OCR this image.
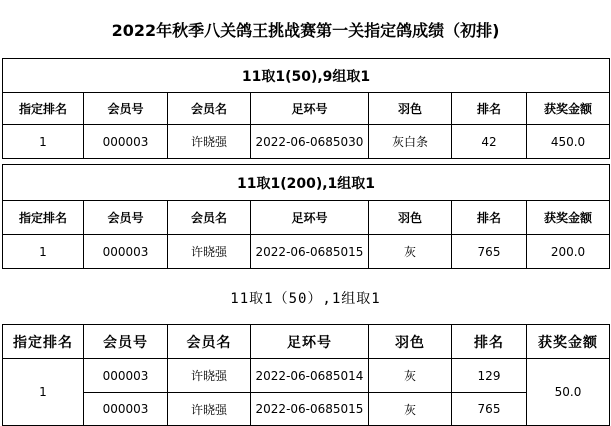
2022年秋季八关鸽王挑战赛第一关指定鸽成绩（初排)
11取1(50),9组取1						
指定排名	会员号	会员名	足环号	羽色	排名	获奖金额
1	000003	许晓强	2022-06-0685030	灰白条	42	450.0
11取1(200),1组取1						
指定排名	会员号	会员名	足环号	羽色	排名	获奖金额
1	000003	许晓强	2022-06-0685015	灰	765	200.0
11取1（50）,1组取1
指定排名	会员号	会员名	足环号	羽色	排名	获奖金额
1	000003	许晓强	2022-06-0685014	灰	129	50.0
	000003	许晓强	2022-06-0685015	灰	765	
